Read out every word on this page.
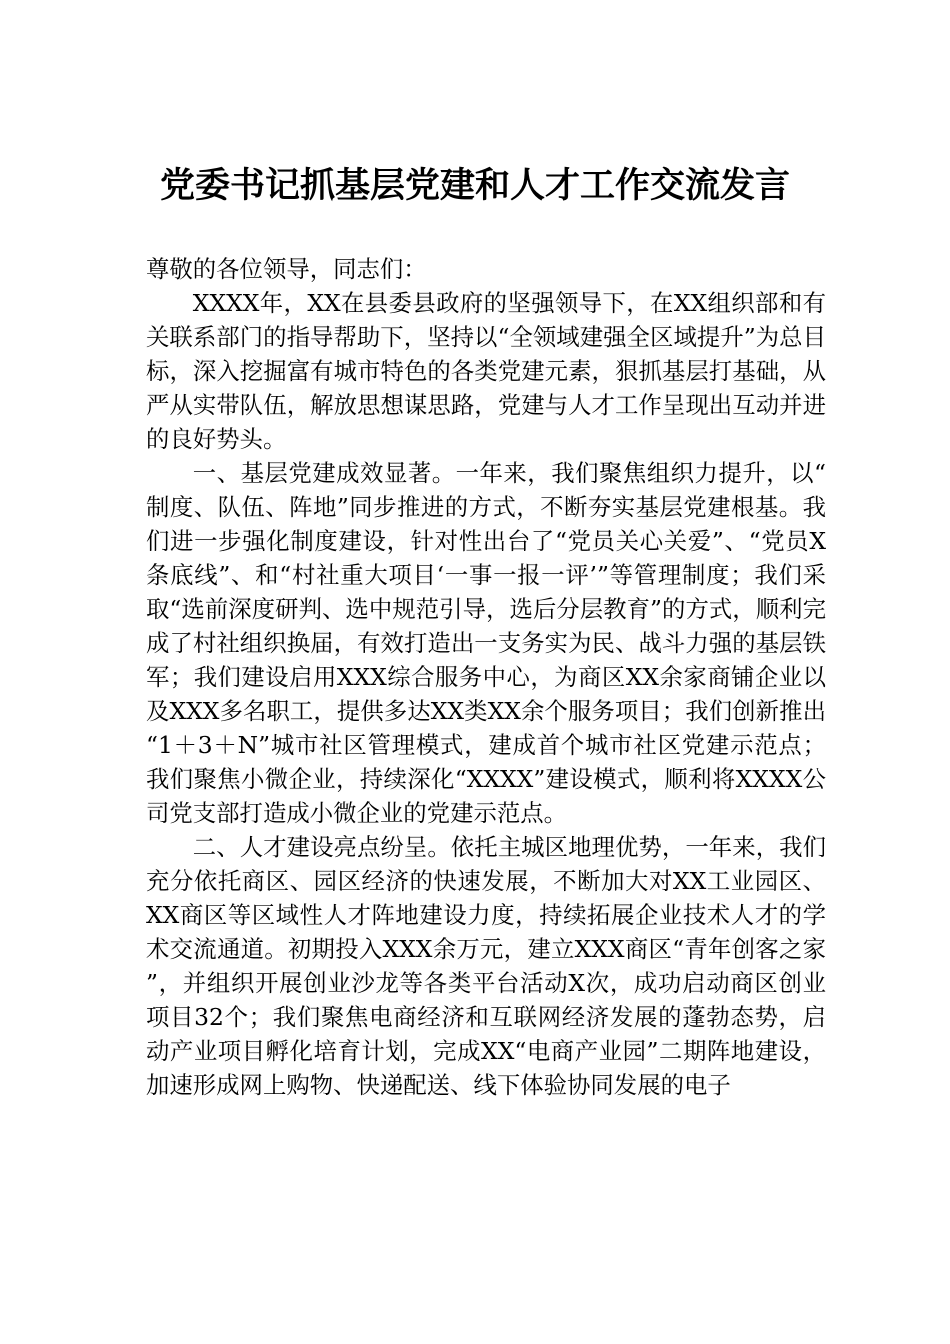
党委书记抓基层党建和人才工作交流发言

尊敬的各位领导，同志们：

XXXX年，XX在县委县政府的坚强领导下，在XX组织部和有关联系部门的指导帮助下，坚持以“全领域建强全区域提升”为总目标，深入挖掘富有城市特色的各类党建元素，狠抓基层打基础，从严从实带队伍，解放思想谋思路，党建与人才工作呈现出互动并进的良好势头。

一、基层党建成效显著。一年来，我们聚焦组织力提升，以“制度、队伍、阵地”同步推进的方式，不断夯实基层党建根基。我们进一步强化制度建设，针对性出台了“党员关心关爱”、“党员X条底线”、和“村社重大项目‘一事一报一评’”等管理制度；我们采取“选前深度研判、选中规范引导，选后分层教育”的方式，顺利完成了村社组织换届，有效打造出一支务实为民、战斗力强的基层铁军；我们建设启用XXX综合服务中心，为商区XX余家商铺企业以及XXX多名职工，提供多达XX类XX余个服务项目；我们创新推出“1＋3＋N”城市社区管理模式，建成首个城市社区党建示范点；我们聚焦小微企业，持续深化“XXXX”建设模式，顺利将XXXX公司党支部打造成小微企业的党建示范点。

二、人才建设亮点纷呈。依托主城区地理优势，一年来，我们充分依托商区、园区经济的快速发展，不断加大对XX工业园区、XX商区等区域性人才阵地建设力度，持续拓展企业技术人才的学术交流通道。初期投入XXX余万元，建立XXX商区“青年创客之家”，并组织开展创业沙龙等各类平台活动X次，成功启动商区创业项目32个；我们聚焦电商经济和互联网经济发展的蓬勃态势，启动产业项目孵化培育计划，完成XX“电商产业园”二期阵地建设，加速形成网上购物、快递配送、线下体验协同发展的电子
